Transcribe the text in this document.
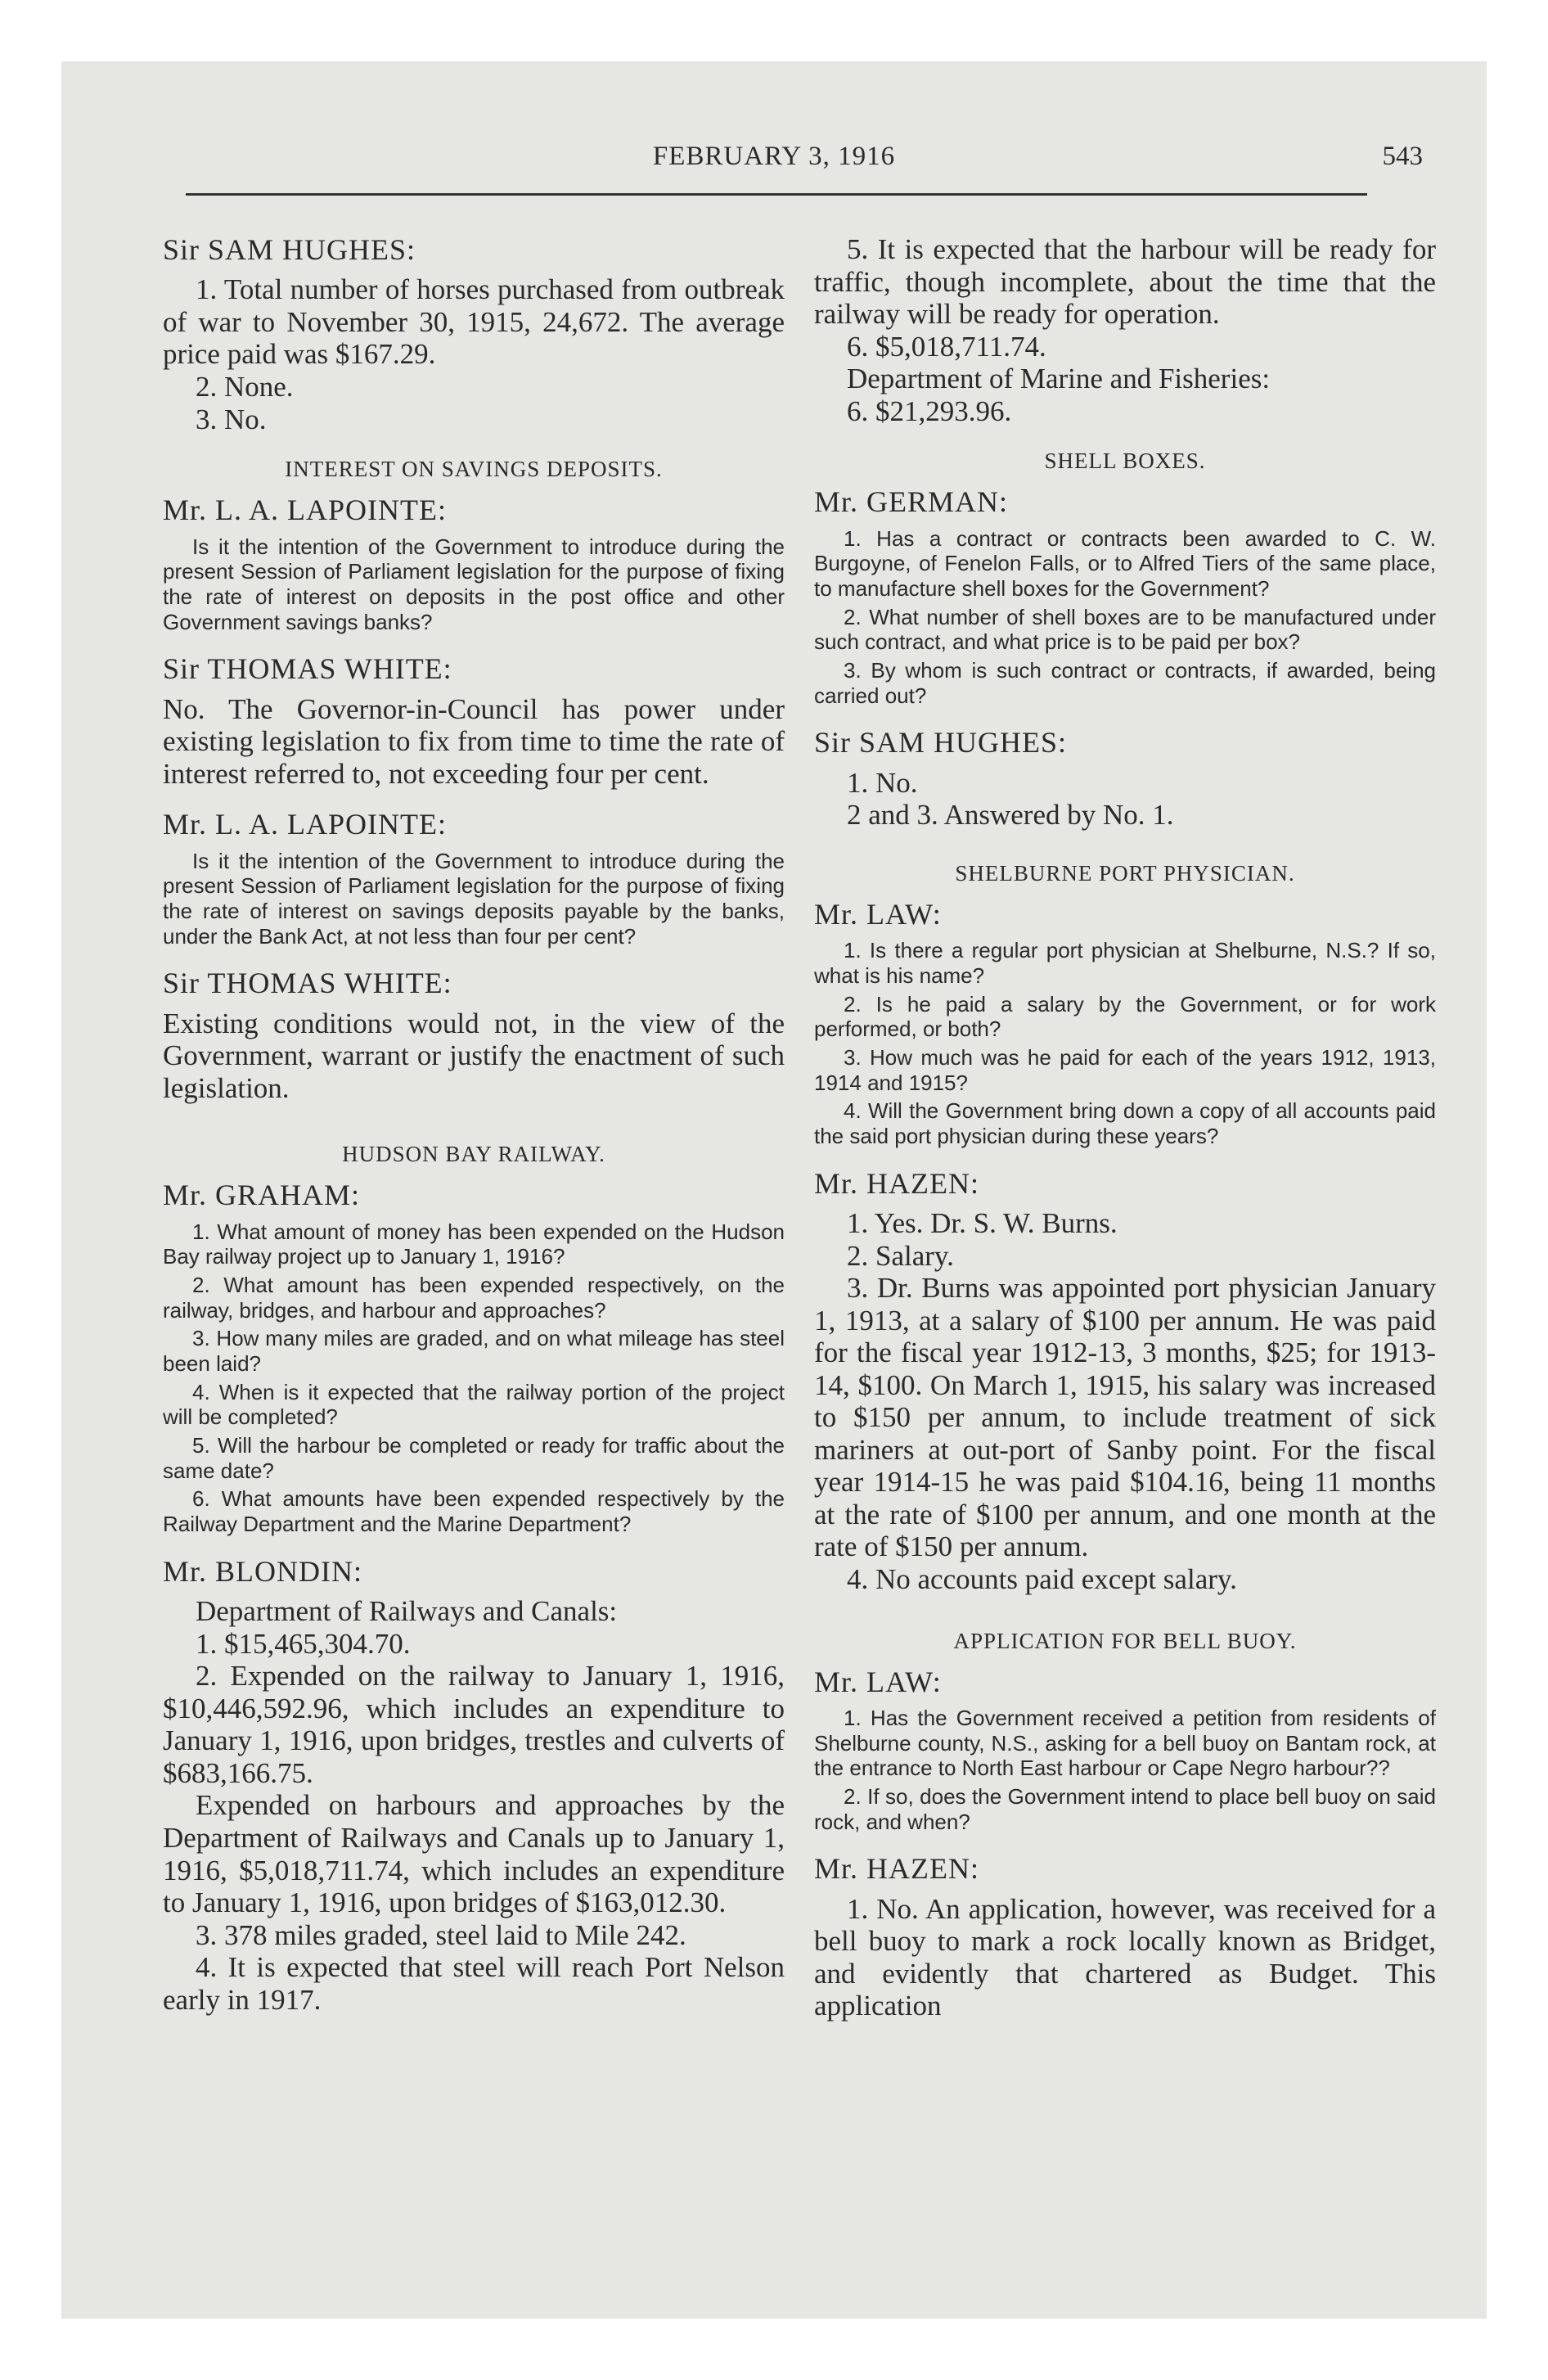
FEBRUARY 3, 1916	543
Sir SAM HUGHES:

1. Total number of horses purchased from outbreak of war to November 30, 1915, 24,672. The average price paid was $167.29.

2. None.

3. No.

INTEREST ON SAVINGS DEPOSITS.
Mr. L. A. LAPOINTE:

Is it the intention of the Government to introduce during the present Session of Parliament legislation for the purpose of fixing the rate of interest on deposits in the post office and other Government savings banks?

Sir THOMAS WHITE:

No. The Governor-in-Council has power under existing legislation to fix from time to time the rate of interest referred to, not exceeding four per cent.

Mr. L. A. LAPOINTE:

Is it the intention of the Government to introduce during the present Session of Parliament legislation for the purpose of fixing the rate of interest on savings deposits payable by the banks, under the Bank Act, at not less than four per cent?

Sir THOMAS WHITE:

Existing conditions would not, in the view of the Government, warrant or justify the enactment of such legislation.

HUDSON BAY RAILWAY.
Mr. GRAHAM:

1. What amount of money has been expended on the Hudson Bay railway project up to January 1, 1916?

2. What amount has been expended respectively, on the railway, bridges, and harbour and approaches?

3. How many miles are graded, and on what mileage has steel been laid?

4. When is it expected that the railway portion of the project will be completed?

5. Will the harbour be completed or ready for traffic about the same date?

6. What amounts have been expended respectively by the Railway Department and the Marine Department?

Mr. BLONDIN:

Department of Railways and Canals:

1. $15,465,304.70.

2. Expended on the railway to January 1, 1916, $10,446,592.96, which includes an expenditure to January 1, 1916, upon bridges, trestles and culverts of $683,166.75.

Expended on harbours and approaches by the Department of Railways and Canals up to January 1, 1916, $5,018,711.74, which includes an expenditure to January 1, 1916, upon bridges of $163,012.30.

3. 378 miles graded, steel laid to Mile 242.

4. It is expected that steel will reach Port Nelson early in 1917.

5. It is expected that the harbour will be ready for traffic, though incomplete, about the time that the railway will be ready for operation.

6. $5,018,711.74.

Department of Marine and Fisheries:

6. $21,293.96.

SHELL BOXES.
Mr. GERMAN:

1. Has a contract or contracts been awarded to C. W. Burgoyne, of Fenelon Falls, or to Alfred Tiers of the same place, to manufacture shell boxes for the Government?

2. What number of shell boxes are to be manufactured under such contract, and what price is to be paid per box?

3. By whom is such contract or contracts, if awarded, being carried out?

Sir SAM HUGHES:

1. No.

2 and 3. Answered by No. 1.

SHELBURNE PORT PHYSICIAN.
Mr. LAW:

1. Is there a regular port physician at Shelburne, N.S.? If so, what is his name?

2. Is he paid a salary by the Government, or for work performed, or both?

3. How much was he paid for each of the years 1912, 1913, 1914 and 1915?

4. Will the Government bring down a copy of all accounts paid the said port physician during these years?

Mr. HAZEN:

1. Yes. Dr. S. W. Burns.

2. Salary.

3. Dr. Burns was appointed port physician January 1, 1913, at a salary of $100 per annum. He was paid for the fiscal year 1912-13, 3 months, $25; for 1913-14, $100. On March 1, 1915, his salary was increased to $150 per annum, to include treatment of sick mariners at out-port of Sanby point. For the fiscal year 1914-15 he was paid $104.16, being 11 months at the rate of $100 per annum, and one month at the rate of $150 per annum.

4. No accounts paid except salary.

APPLICATION FOR BELL BUOY.
Mr. LAW:

1. Has the Government received a petition from residents of Shelburne county, N.S., asking for a bell buoy on Bantam rock, at the entrance to North East harbour or Cape Negro harbour??

2. If so, does the Government intend to place bell buoy on said rock, and when?

Mr. HAZEN:

1. No. An application, however, was received for a bell buoy to mark a rock locally known as Bridget, and evidently that chartered as Budget. This application
